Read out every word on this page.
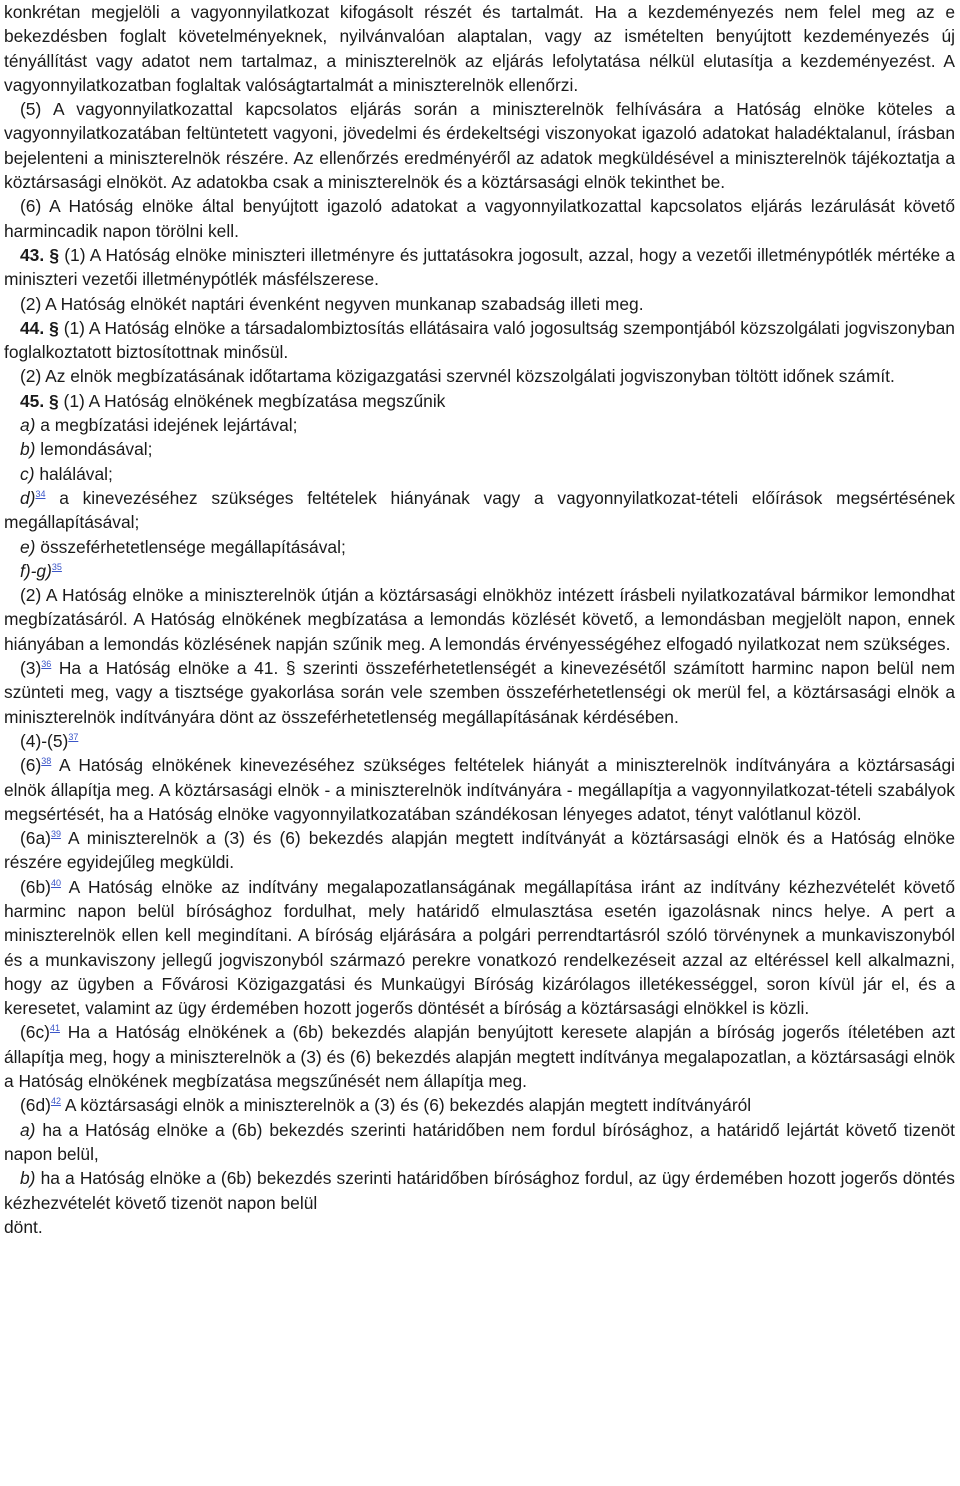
konkrétan megjelöli a vagyonnyilatkozat kifogásolt részét és tartalmát. Ha a kezdeményezés nem felel meg az e bekezdésben foglalt követelményeknek, nyilvánvalóan alaptalan, vagy az ismételten benyújtott kezdeményezés új tényállítást vagy adatot nem tartalmaz, a miniszterelnök az eljárás lefolytatása nélkül elutasítja a kezdeményezést. A vagyonnyilatkozatban foglaltak valóságtartalmát a miniszterelnök ellenőrzi.

(5) A vagyonnyilatkozattal kapcsolatos eljárás során a miniszterelnök felhívására a Hatóság elnöke köteles a vagyonnyilatkozatában feltüntetett vagyoni, jövedelmi és érdekeltségi viszonyokat igazoló adatokat haladéktalanul, írásban bejelenteni a miniszterelnök részére. Az ellenőrzés eredményéről az adatok megküldésével a miniszterelnök tájékoztatja a köztársasági elnököt. Az adatokba csak a miniszterelnök és a köztársasági elnök tekinthet be.

(6) A Hatóság elnöke által benyújtott igazoló adatokat a vagyonnyilatkozattal kapcsolatos eljárás lezárulását követő harmincadik napon törölni kell.

43. § (1) A Hatóság elnöke miniszteri illetményre és juttatásokra jogosult, azzal, hogy a vezetői illetménypótlék mértéke a miniszteri vezetői illetménypótlék másfélszerese.

(2) A Hatóság elnökét naptári évenként negyven munkanap szabadság illeti meg.

44. § (1) A Hatóság elnöke a társadalombiztosítás ellátásaira való jogosultság szempontjából közszolgálati jogviszonyban foglalkoztatott biztosítottnak minősül.

(2) Az elnök megbízatásának időtartama közigazgatási szervnél közszolgálati jogviszonyban töltött időnek számít.

45. § (1) A Hatóság elnökének megbízatása megszűnik

a) a megbízatási idejének lejártával;

b) lemondásával;

c) halálával;

d)$^{34}$ a kinevezéséhez szükséges feltételek hiányának vagy a vagyonnyilatkozat-tételi előírások megsértésének megállapításával;

e) összeférhetetlensége megállapításával;

f)-g)$^{35}$

(2) A Hatóság elnöke a miniszterelnök útján a köztársasági elnökhöz intézett írásbeli nyilatkozatával bármikor lemondhat megbízatásáról. A Hatóság elnökének megbízatása a lemondás közlését követő, a lemondásban megjelölt napon, ennek hiányában a lemondás közlésének napján szűnik meg. A lemondás érvényességéhez elfogadó nyilatkozat nem szükséges.

$(3)^{36}$ Ha a Hatóság elnöke a 41. § szerinti összeférhetetlenségét a kinevezésétől számított harminc napon belül nem szünteti meg, vagy a tisztsége gyakorlása során vele szemben összeférhetetlenségi ok merül fel, a köztársasági elnök a miniszterelnök indítványára dönt az összeférhetetlenség megállapításának kérdésében.

$(4)-(5)^{37}$

$(6)^{38}$ A Hatóság elnökének kinevezéséhez szükséges feltételek hiányát a miniszterelnök indítványára a köztársasági elnök állapítja meg. A köztársasági elnök - a miniszterelnök indítványára - megállapítja a vagyonnyilatkozat-tételi szabályok megsértését, ha a Hatóság elnöke vagyonnyilatkozatában szándékosan lényeges adatot, tényt valótlanul közöl.

$(6a)^{39}$ A miniszterelnök a (3) és (6) bekezdés alapján megtett indítványát a köztársasági elnök és a Hatóság elnöke részére egyidejűleg megküldi.

$(6b)^{40}$ A Hatóság elnöke az indítvány megalapozatlanságának megállapítása iránt az indítvány kézhezvételét követő harminc napon belül bírósághoz fordulhat, mely határidő elmulasztása esetén igazolásnak nincs helye. A pert a miniszterelnök ellen kell megindítani. A bíróság eljárására a polgári perrendtartásról szóló törvénynek a munkaviszonyból és a munkaviszony jellegű jogviszonyból származó perekre vonatkozó rendelkezéseit azzal az eltéréssel kell alkalmazni, hogy az ügyben a Fővárosi Közigazgatási és Munkaügyi Bíróság kizárólagos illetékességgel, soron kívül jár el, és a keresetet, valamint az ügy érdemében hozott jogerős döntését a bíróság a köztársasági elnökkel is közli.

$(6c)^{41}$ Ha a Hatóság elnökének a (6b) bekezdés alapján benyújtott keresete alapján a bíróság jogerős ítéletében azt állapítja meg, hogy a miniszterelnök a (3) és (6) bekezdés alapján megtett indítványa megalapozatlan, a köztársasági elnök a Hatóság elnökének megbízatása megszűnését nem állapítja meg.

$(6d)^{42}$ A köztársasági elnök a miniszterelnök a (3) és (6) bekezdés alapján megtett indítványáról

a) ha a Hatóság elnöke a (6b) bekezdés szerinti határidőben nem fordul bírósághoz, a határidő lejártát követő tizenöt napon belül,

b) ha a Hatóság elnöke a (6b) bekezdés szerinti határidőben bírósághoz fordul, az ügy érdemében hozott jogerős döntés kézhezvételét követő tizenöt napon belül

dönt.
